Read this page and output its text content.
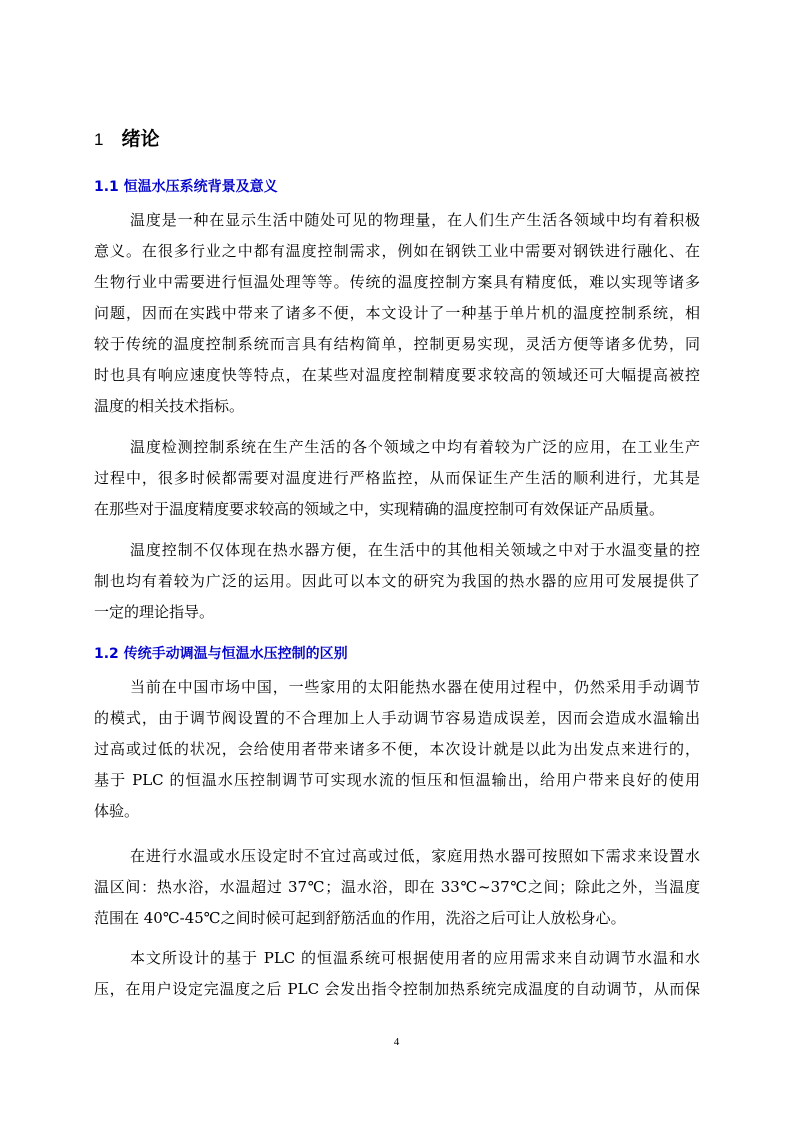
1 绪论
1.1 恒温水压系统背景及意义
温度是一种在显示生活中随处可见的物理量，在人们生产生活各领域中均有着积极
意义。在很多行业之中都有温度控制需求，例如在钢铁工业中需要对钢铁进行融化、在
生物行业中需要进行恒温处理等等。传统的温度控制方案具有精度低，难以实现等诸多
问题，因而在实践中带来了诸多不便，本文设计了一种基于单片机的温度控制系统，相
较于传统的温度控制系统而言具有结构简单，控制更易实现，灵活方便等诸多优势，同
时也具有响应速度快等特点，在某些对温度控制精度要求较高的领域还可大幅提高被控
温度的相关技术指标。
温度检测控制系统在生产生活的各个领域之中均有着较为广泛的应用，在工业生产
过程中，很多时候都需要对温度进行严格监控，从而保证生产生活的顺利进行，尤其是
在那些对于温度精度要求较高的领域之中，实现精确的温度控制可有效保证产品质量。
温度控制不仅体现在热水器方便，在生活中的其他相关领域之中对于水温变量的控
制也均有着较为广泛的运用。因此可以本文的研究为我国的热水器的应用可发展提供了
一定的理论指导。
1.2 传统手动调温与恒温水压控制的区别
当前在中国市场中国，一些家用的太阳能热水器在使用过程中，仍然采用手动调节
的模式，由于调节阀设置的不合理加上人手动调节容易造成误差，因而会造成水温输出
过高或过低的状况，会给使用者带来诸多不便，本次设计就是以此为出发点来进行的，
基于 PLC 的恒温水压控制调节可实现水流的恒压和恒温输出，给用户带来良好的使用
体验。
在进行水温或水压设定时不宜过高或过低，家庭用热水器可按照如下需求来设置水
温区间：热水浴，水温超过 37℃；温水浴，即在 33℃~37℃之间；除此之外，当温度
范围在 40℃-45℃之间时候可起到舒筋活血的作用，洗浴之后可让人放松身心。
本文所设计的基于 PLC 的恒温系统可根据使用者的应用需求来自动调节水温和水
压，在用户设定完温度之后 PLC 会发出指令控制加热系统完成温度的自动调节，从而保
4
